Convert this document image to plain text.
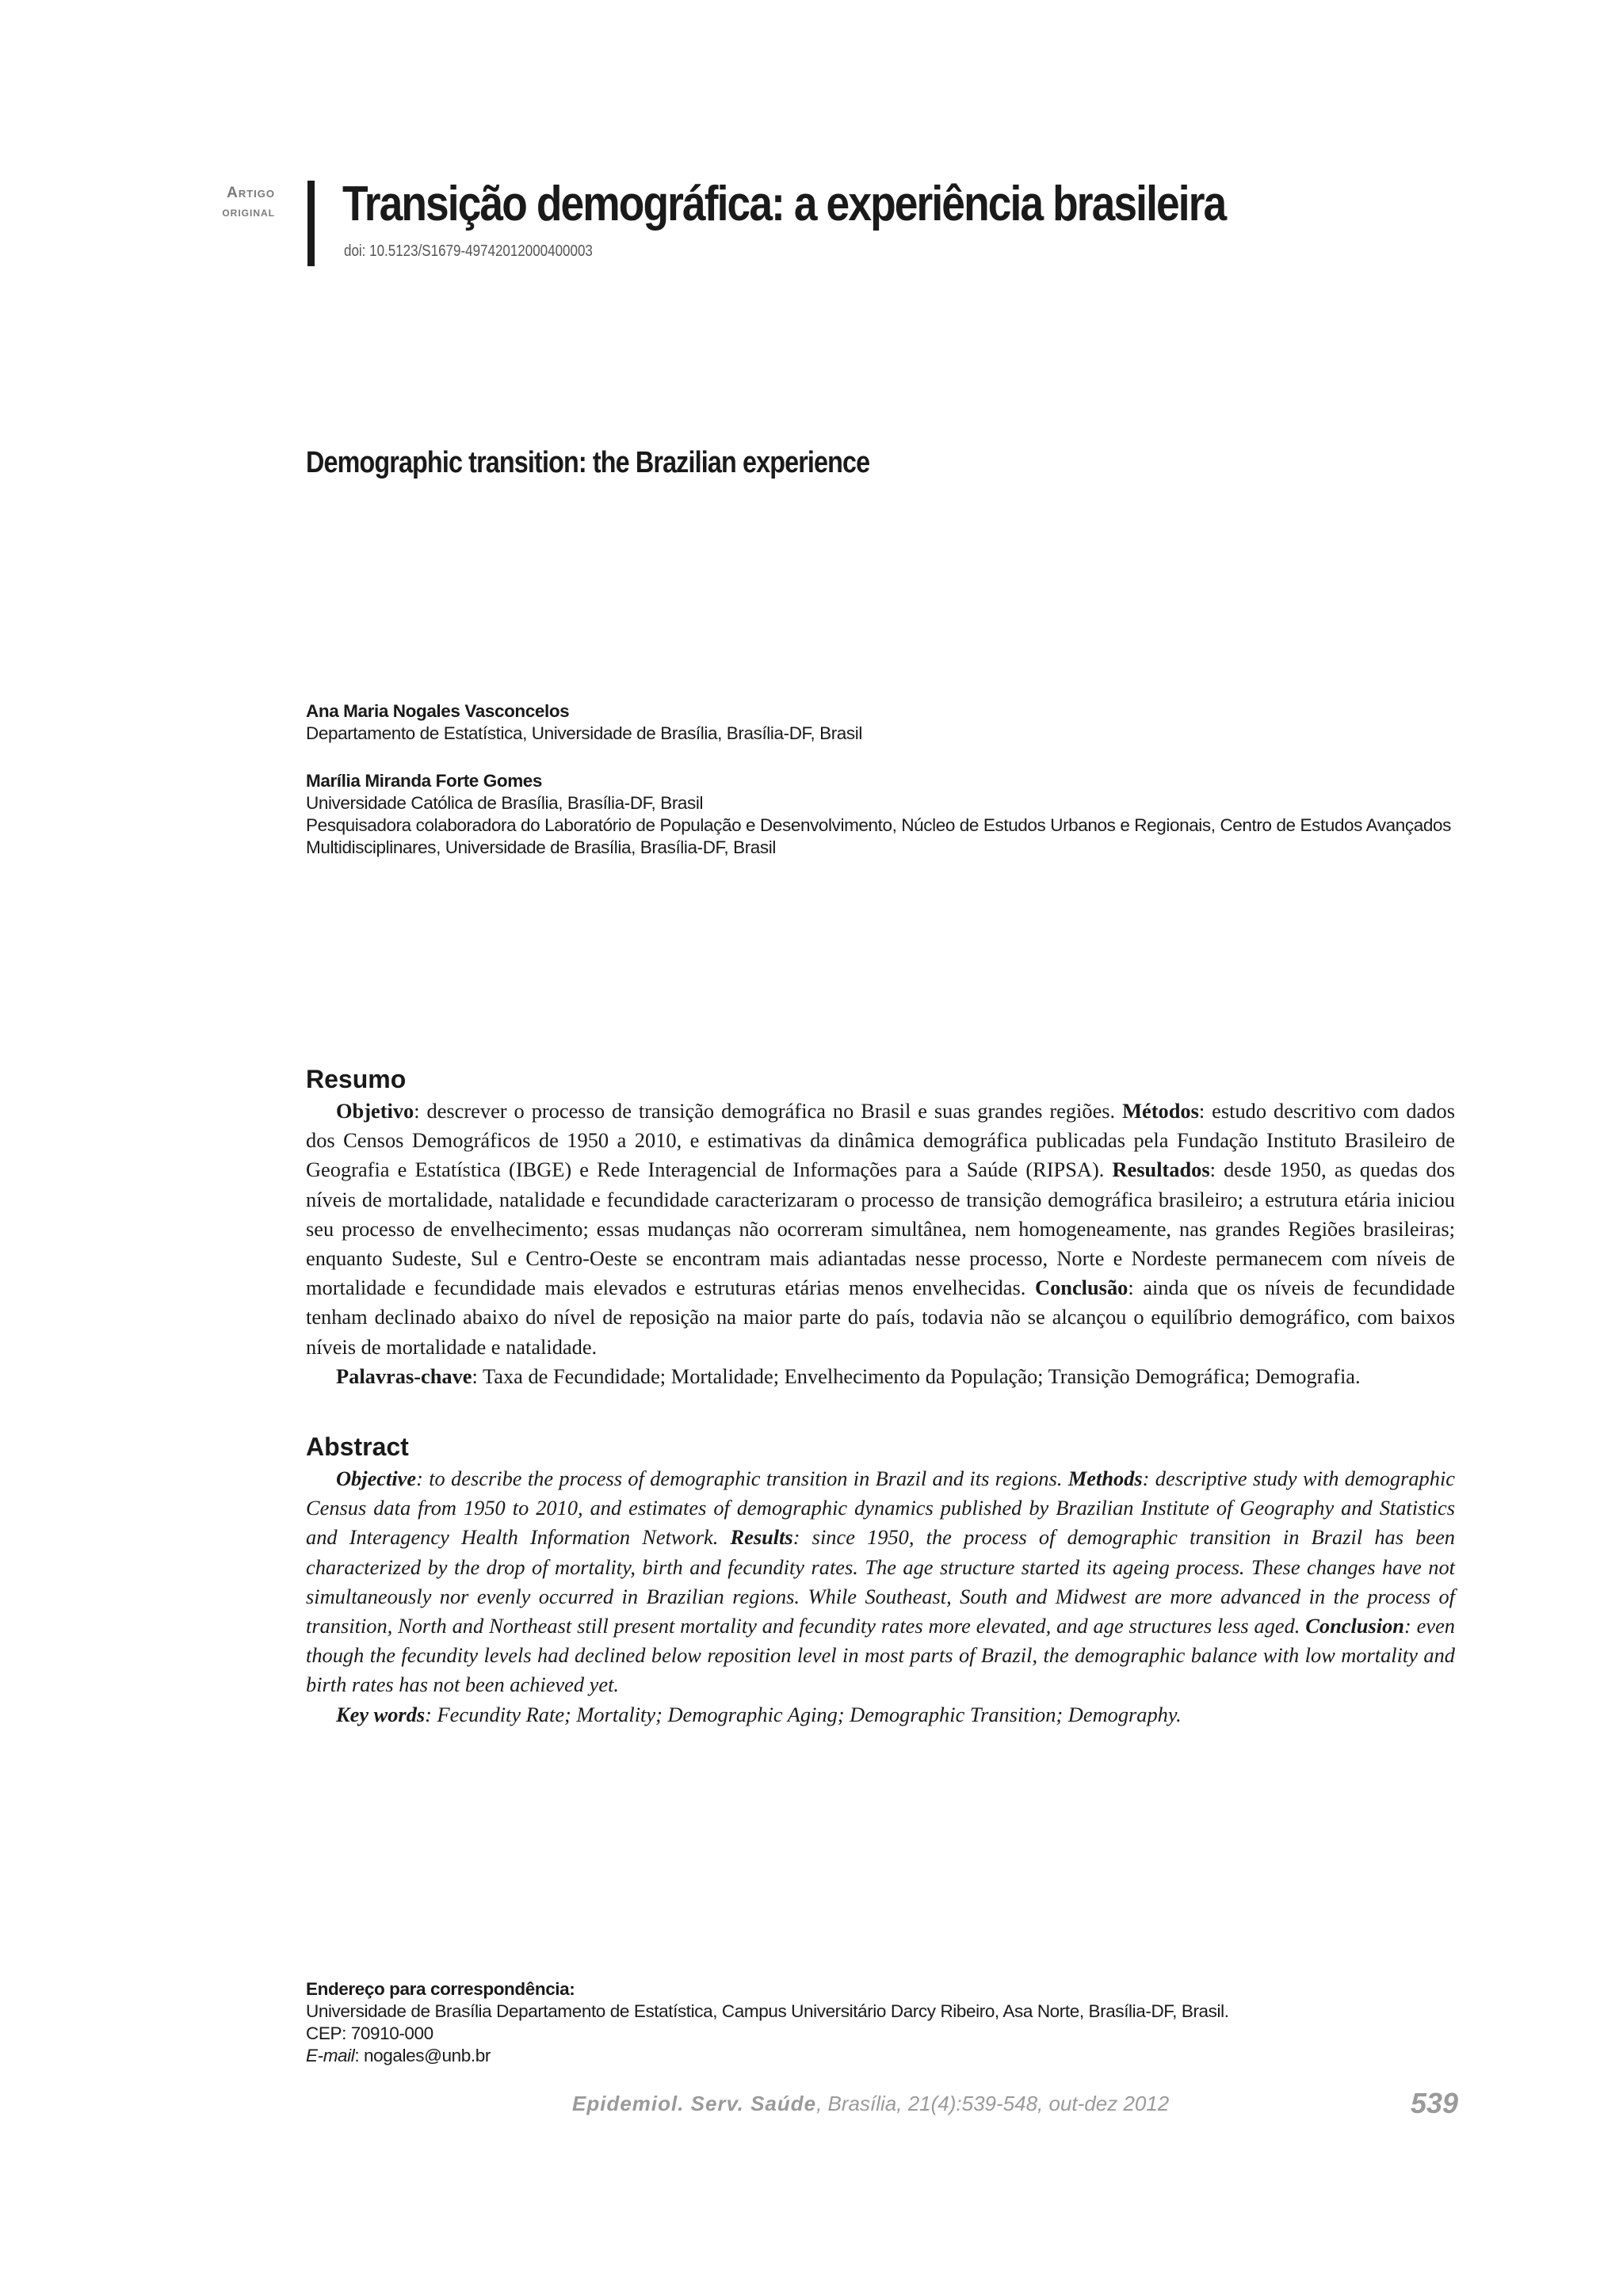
Artigo
original Transição demográfica: a experiência brasileira
doi: 10.5123/S1679-49742012000400003
Demographic transition: the Brazilian experience
Ana Maria Nogales Vasconcelos
Departamento de Estatística, Universidade de Brasília, Brasília-DF, Brasil
Marília Miranda Forte Gomes
Universidade Católica de Brasília, Brasília-DF, Brasil
Pesquisadora colaboradora do Laboratório de População e Desenvolvimento, Núcleo de Estudos Urbanos e Regionais, Centro de Estudos Avançados Multidisciplinares, Universidade de Brasília, Brasília-DF, Brasil
Resumo

Objetivo: descrever o processo de transição demográfica no Brasil e suas grandes regiões. Métodos: estudo descritivo com dados dos Censos Demográficos de 1950 a 2010, e estimativas da dinâmica demográfica publicadas pela Fundação Instituto Brasileiro de Geografia e Estatística (IBGE) e Rede Interagencial de Informações para a Saúde (RIPSA). Resultados: desde 1950, as quedas dos níveis de mortalidade, natalidade e fecundidade caracterizaram o processo de transição demográfica brasileiro; a estrutura etária iniciou seu processo de envelhecimento; essas mudanças não ocorreram simultânea, nem homogeneamente, nas grandes Regiões brasileiras; enquanto Sudeste, Sul e Centro-Oeste se encontram mais adiantadas nesse processo, Norte e Nordeste permanecem com níveis de mortalidade e fecundidade mais elevados e estruturas etárias menos envelhecidas. Conclusão: ainda que os níveis de fecundidade tenham declinado abaixo do nível de reposição na maior parte do país, todavia não se alcançou o equilíbrio demográfico, com baixos níveis de mortalidade e natalidade.

Palavras-chave: Taxa de Fecundidade; Mortalidade; Envelhecimento da População; Transição Demográfica; Demografia.

Abstract

Objective: to describe the process of demographic transition in Brazil and its regions. Methods: descriptive study with demographic Census data from 1950 to 2010, and estimates of demographic dynamics published by Brazilian Institute of Geography and Statistics and Interagency Health Information Network. Results: since 1950, the process of demographic transition in Brazil has been characterized by the drop of mortality, birth and fecundity rates. The age structure started its ageing process. These changes have not simultaneously nor evenly occurred in Brazilian regions. While Southeast, South and Midwest are more advanced in the process of transition, North and Northeast still present mortality and fecundity rates more elevated, and age structures less aged. Conclusion: even though the fecundity levels had declined below reposition level in most parts of Brazil, the demographic balance with low mortality and birth rates has not been achieved yet.

Key words: Fecundity Rate; Mortality; Demographic Aging; Demographic Transition; Demography.

Endereço para correspondência:
Universidade de Brasília Departamento de Estatística, Campus Universitário Darcy Ribeiro, Asa Norte, Brasília-DF, Brasil.
CEP: 70910-000
E-mail: nogales@unb.br
Epidemiol. Serv. Saúde, Brasília, 21(4):539-548, out-dez 2012	539
